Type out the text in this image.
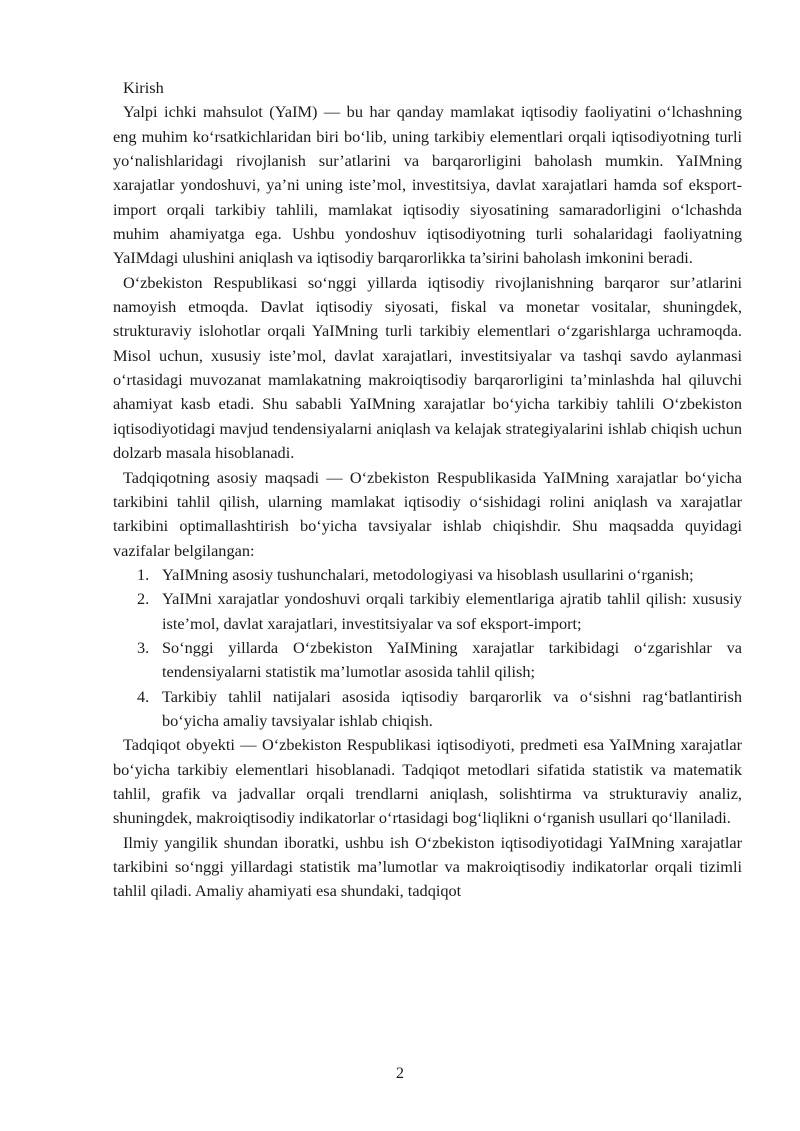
Kirish

Yalpi ichki mahsulot (YaIM) — bu har qanday mamlakat iqtisodiy faoliyatini o‘lchashning eng muhim ko‘rsatkichlaridan biri bo‘lib, uning tarkibiy elementlari orqali iqtisodiyotning turli yo‘nalishlaridagi rivojlanish sur’atlarini va barqarorligini baholash mumkin. YaIMning xarajatlar yondoshuvi, ya’ni uning iste’mol, investitsiya, davlat xarajatlari hamda sof eksport-import orqali tarkibiy tahlili, mamlakat iqtisodiy siyosatining samaradorligini o‘lchashda muhim ahamiyatga ega. Ushbu yondoshuv iqtisodiyotning turli sohalaridagi faoliyatning YaIMdagi ulushini aniqlash va iqtisodiy barqarorlikka ta’sirini baholash imkonini beradi.

O‘zbekiston Respublikasi so‘nggi yillarda iqtisodiy rivojlanishning barqaror sur’atlarini namoyish etmoqda. Davlat iqtisodiy siyosati, fiskal va monetar vositalar, shuningdek, strukturaviy islohotlar orqali YaIMning turli tarkibiy elementlari o‘zgarishlarga uchramoqda. Misol uchun, xususiy iste’mol, davlat xarajatlari, investitsiyalar va tashqi savdo aylanmasi o‘rtasidagi muvozanat mamlakatning makroiqtisodiy barqarorligini ta’minlashda hal qiluvchi ahamiyat kasb etadi. Shu sababli YaIMning xarajatlar bo‘yicha tarkibiy tahlili O‘zbekiston iqtisodiyotidagi mavjud tendensiyalarni aniqlash va kelajak strategiyalarini ishlab chiqish uchun dolzarb masala hisoblanadi.

Tadqiqotning asosiy maqsadi — O‘zbekiston Respublikasida YaIMning xarajatlar bo‘yicha tarkibini tahlil qilish, ularning mamlakat iqtisodiy o‘sishidagi rolini aniqlash va xarajatlar tarkibini optimallashtirish bo‘yicha tavsiyalar ishlab chiqishdir. Shu maqsadda quyidagi vazifalar belgilangan:

1. YaIMning asosiy tushunchalari, metodologiyasi va hisoblash usullarini o‘rganish;
2. YaIMni xarajatlar yondoshuvi orqali tarkibiy elementlariga ajratib tahlil qilish: xususiy iste’mol, davlat xarajatlari, investitsiyalar va sof eksport-import;
3. So‘nggi yillarda O‘zbekiston YaIMining xarajatlar tarkibidagi o‘zgarishlar va tendensiyalarni statistik ma’lumotlar asosida tahlil qilish;
4. Tarkibiy tahlil natijalari asosida iqtisodiy barqarorlik va o‘sishni rag‘batlantirish bo‘yicha amaliy tavsiyalar ishlab chiqish.

Tadqiqot obyekti — O‘zbekiston Respublikasi iqtisodiyoti, predmeti esa YaIMning xarajatlar bo‘yicha tarkibiy elementlari hisoblanadi. Tadqiqot metodlari sifatida statistik va matematik tahlil, grafik va jadvallar orqali trendlarni aniqlash, solishtirma va strukturaviy analiz, shuningdek, makroiqtisodiy indikatorlar o‘rtasidagi bog‘liqlikni o‘rganish usullari qo‘llaniladi.

Ilmiy yangilik shundan iboratki, ushbu ish O‘zbekiston iqtisodiyotidagi YaIMning xarajatlar tarkibini so‘nggi yillardagi statistik ma’lumotlar va makroiqtisodiy indikatorlar orqali tizimli tahlil qiladi. Amaliy ahamiyati esa shundaki, tadqiqot

2
